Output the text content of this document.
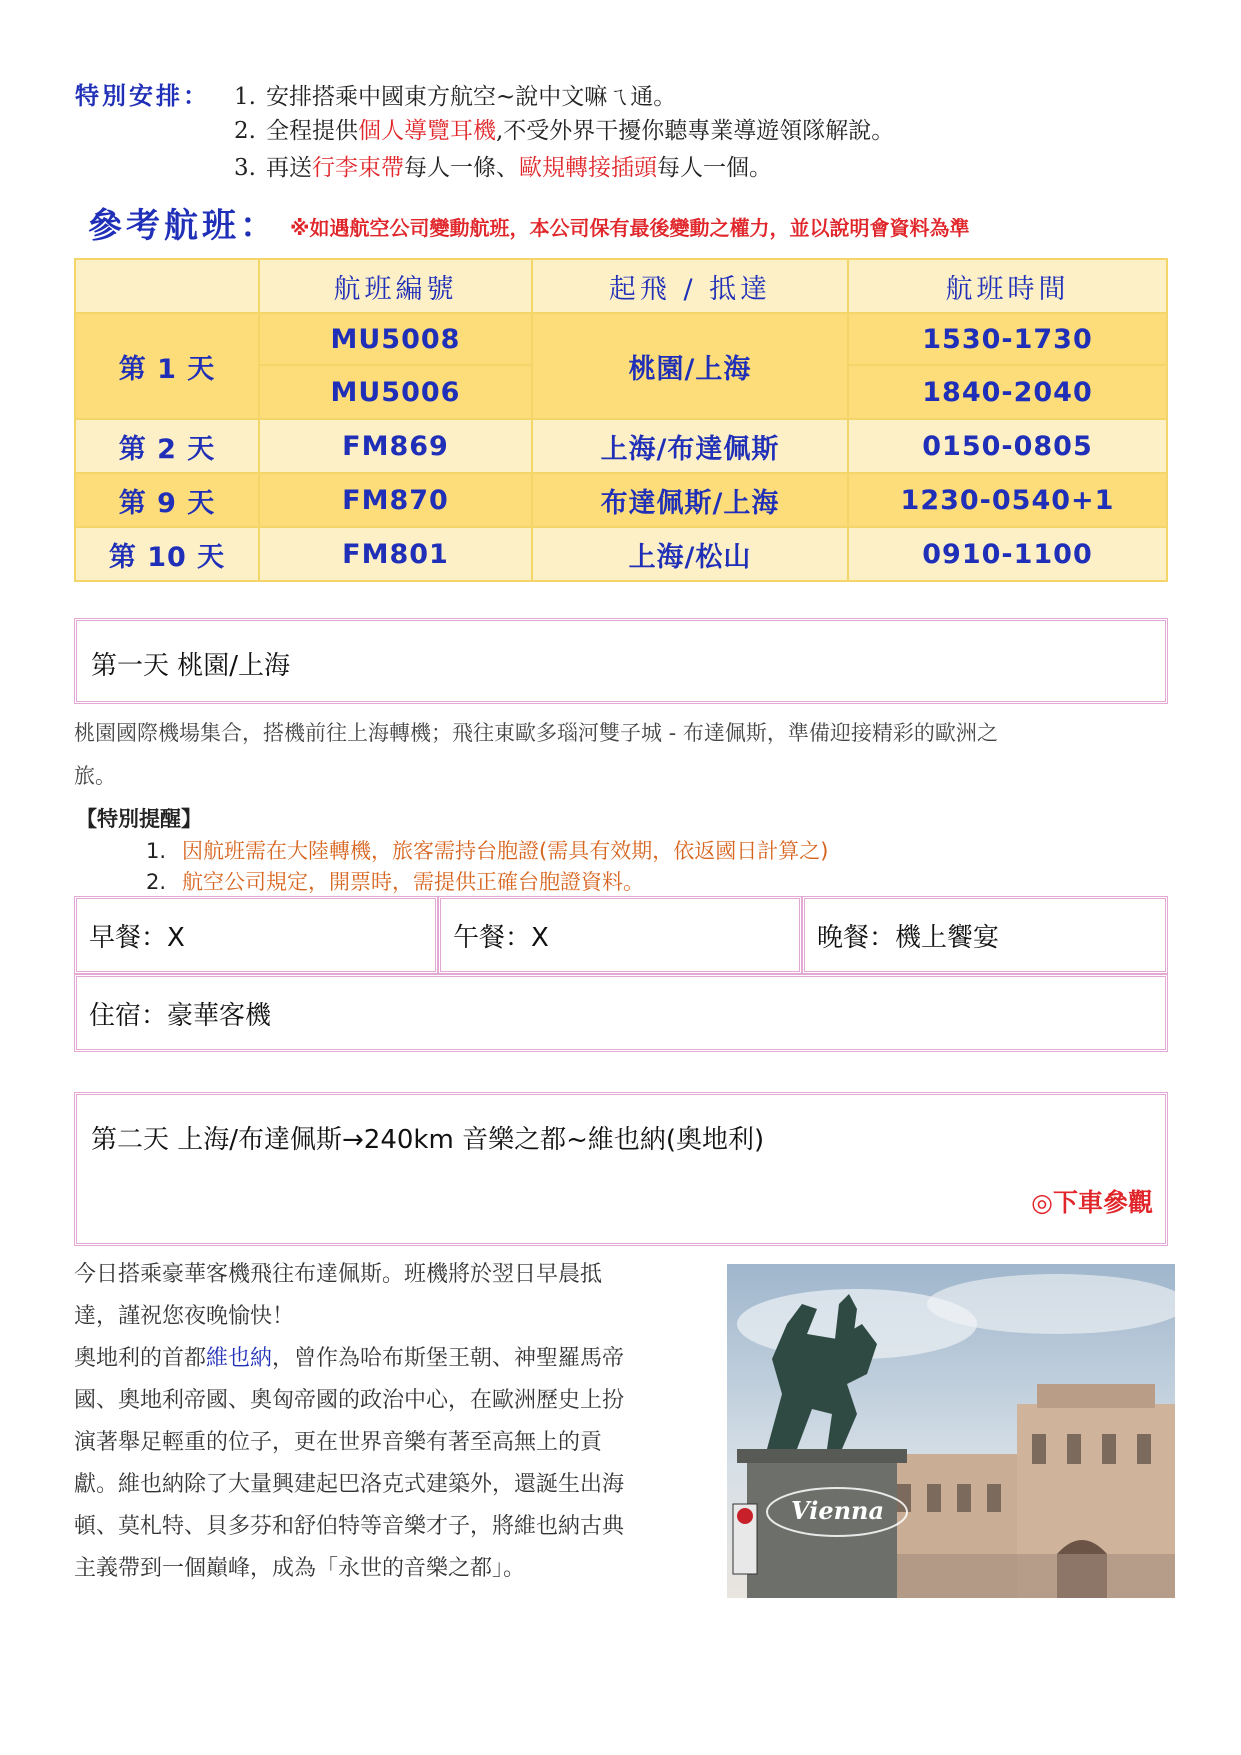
特別安排： 1. 安排搭乘中國東方航空~說中文嘛ㄟ通。
2. 全程提供個人導覽耳機,不受外界干擾你聽專業導遊領隊解說。
3. 再送行李束帶每人一條、歐規轉接插頭每人一個。
參考航班： ※如遇航空公司變動航班，本公司保有最後變動之權力，並以說明會資料為準
	航班編號	起飛 / 抵達	航班時間
第 1 天	MU5008	桃園/上海	1530-1730
	MU5006		1840-2040
第 2 天	FM869	上海/布達佩斯	0150-0805
第 9 天	FM870	布達佩斯/上海	1230-0540+1
第 10 天	FM801	上海/松山	0910-1100
第一天 桃園/上海
桃園國際機場集合，搭機前往上海轉機；飛往東歐多瑙河雙子城 - 布達佩斯，準備迎接精彩的歐洲之
旅。
【特別提醒】
1. 因航班需在大陸轉機，旅客需持台胞證(需具有效期，依返國日計算之)
2. 航空公司規定，開票時，需提供正確台胞證資料。
早餐：X	午餐：X	晚餐：機上饗宴
住宿：豪華客機
第二天 上海/布達佩斯→240km 音樂之都~維也納(奧地利)
◎下車參觀
今日搭乘豪華客機飛往布達佩斯。班機將於翌日早晨抵
達，謹祝您夜晚愉快！
奧地利的首都維也納，曾作為哈布斯堡王朝、神聖羅馬帝
國、奧地利帝國、奧匈帝國的政治中心，在歐洲歷史上扮
演著舉足輕重的位子，更在世界音樂有著至高無上的貢
獻。維也納除了大量興建起巴洛克式建築外，還誕生出海
頓、莫札特、貝多芬和舒伯特等音樂才子，將維也納古典
主義帶到一個巔峰，成為「永世的音樂之都」。
Vienna
